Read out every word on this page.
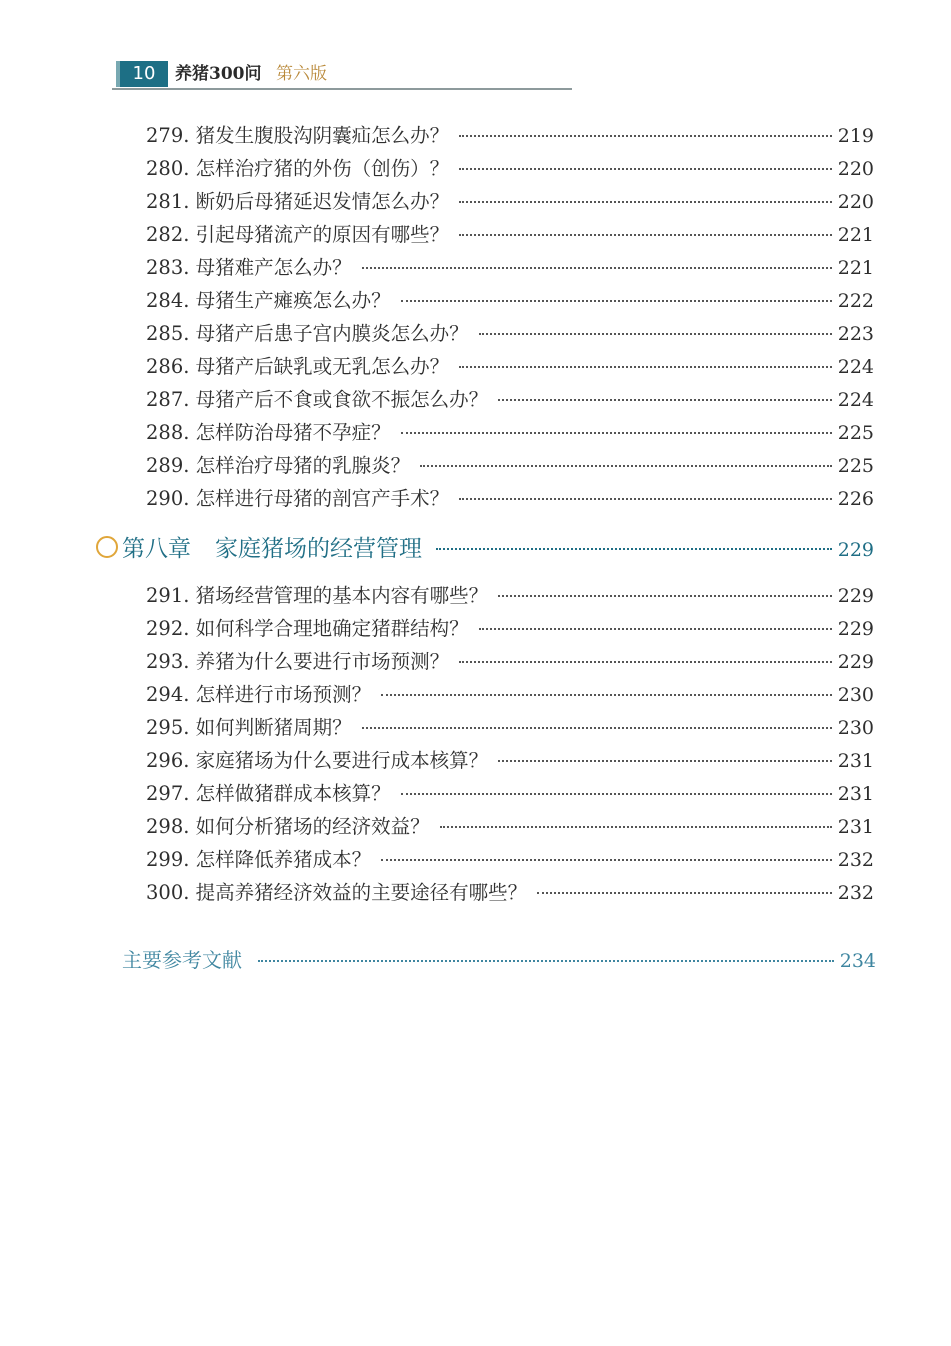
10	养猪300问 第六版
279. 猪发生腹股沟阴囊疝怎么办？	219
280. 怎样治疗猪的外伤（创伤）？	220
281. 断奶后母猪延迟发情怎么办？	220
282. 引起母猪流产的原因有哪些？	221
283. 母猪难产怎么办？	221
284. 母猪生产瘫痪怎么办？	222
285. 母猪产后患子宫内膜炎怎么办？	223
286. 母猪产后缺乳或无乳怎么办？	224
287. 母猪产后不食或食欲不振怎么办？	224
288. 怎样防治母猪不孕症？	225
289. 怎样治疗母猪的乳腺炎？	225
290. 怎样进行母猪的剖宫产手术？	226
第八章 家庭猪场的经营管理	229
291. 猪场经营管理的基本内容有哪些？	229
292. 如何科学合理地确定猪群结构？	229
293. 养猪为什么要进行市场预测？	229
294. 怎样进行市场预测？	230
295. 如何判断猪周期？	230
296. 家庭猪场为什么要进行成本核算？	231
297. 怎样做猪群成本核算？	231
298. 如何分析猪场的经济效益？	231
299. 怎样降低养猪成本？	232
300. 提高养猪经济效益的主要途径有哪些？	232
主要参考文献	234
